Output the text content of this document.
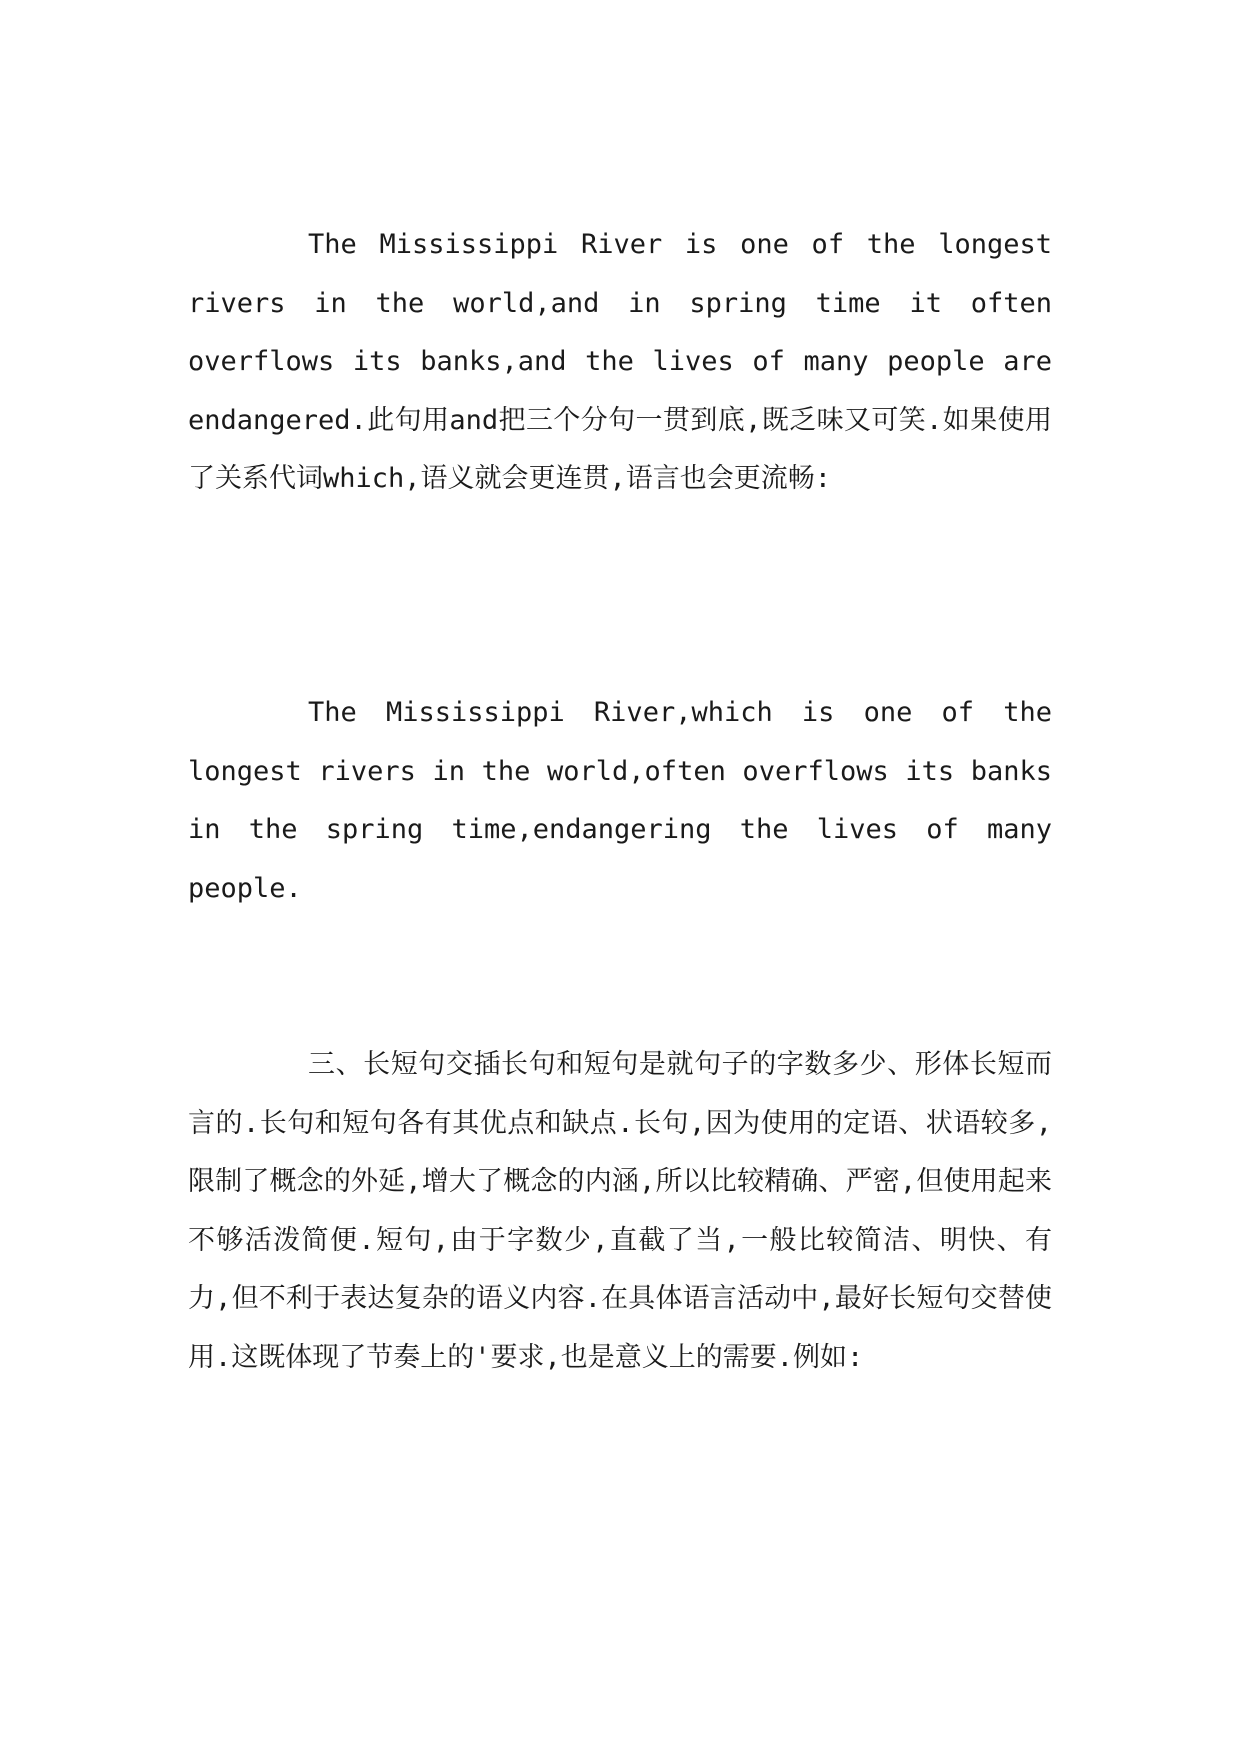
The Mississippi River is one of the longest rivers in the world,and in spring time it often overflows its banks,and the lives of many people are endangered.此句用and把三个分句一贯到底,既乏味又可笑.如果使用了关系代词which,语义就会更连贯,语言也会更流畅:

The Mississippi River,which is one of the longest rivers in the world,often overflows its banks in the spring time,endangering the lives of many people.

三、长短句交插长句和短句是就句子的字数多少、形体长短而言的.长句和短句各有其优点和缺点.长句,因为使用的定语、状语较多,限制了概念的外延,增大了概念的内涵,所以比较精确、严密,但使用起来不够活泼简便.短句,由于字数少,直截了当,一般比较简洁、明快、有力,但不利于表达复杂的语义内容.在具体语言活动中,最好长短句交替使用.这既体现了节奏上的'要求,也是意义上的需要.例如:
